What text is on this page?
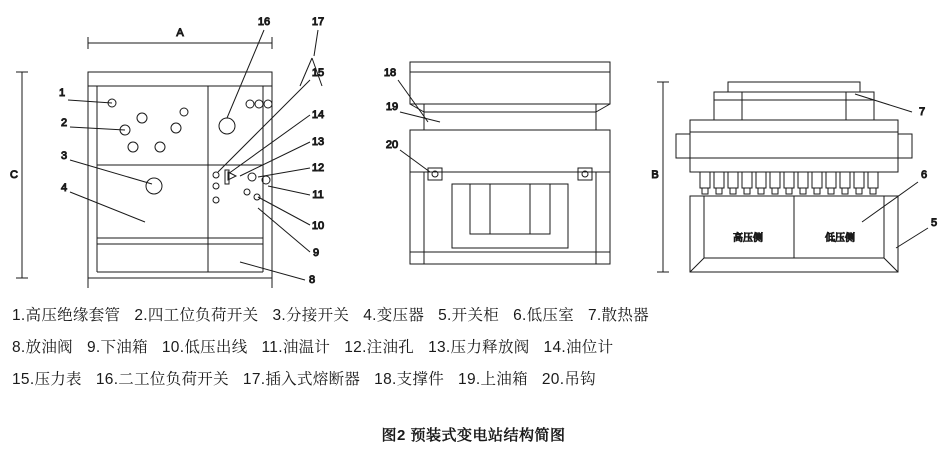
A
C
1
2
3
4
8
9
10
11
12
13
14
15
16	17
18
19
20
B
高压侧	低压侧
7
6
5
1.高压绝缘套管 2.四工位负荷开关 3.分接开关 4.变压器 5.开关柜 6.低压室 7.散热器
8.放油阀 9.下油箱 10.低压出线 11.油温计 12.注油孔 13.压力释放阀 14.油位计
15.压力表 16.二工位负荷开关 17.插入式熔断器 18.支撑件 19.上油箱 20.吊钩
图2 预装式变电站结构简图
